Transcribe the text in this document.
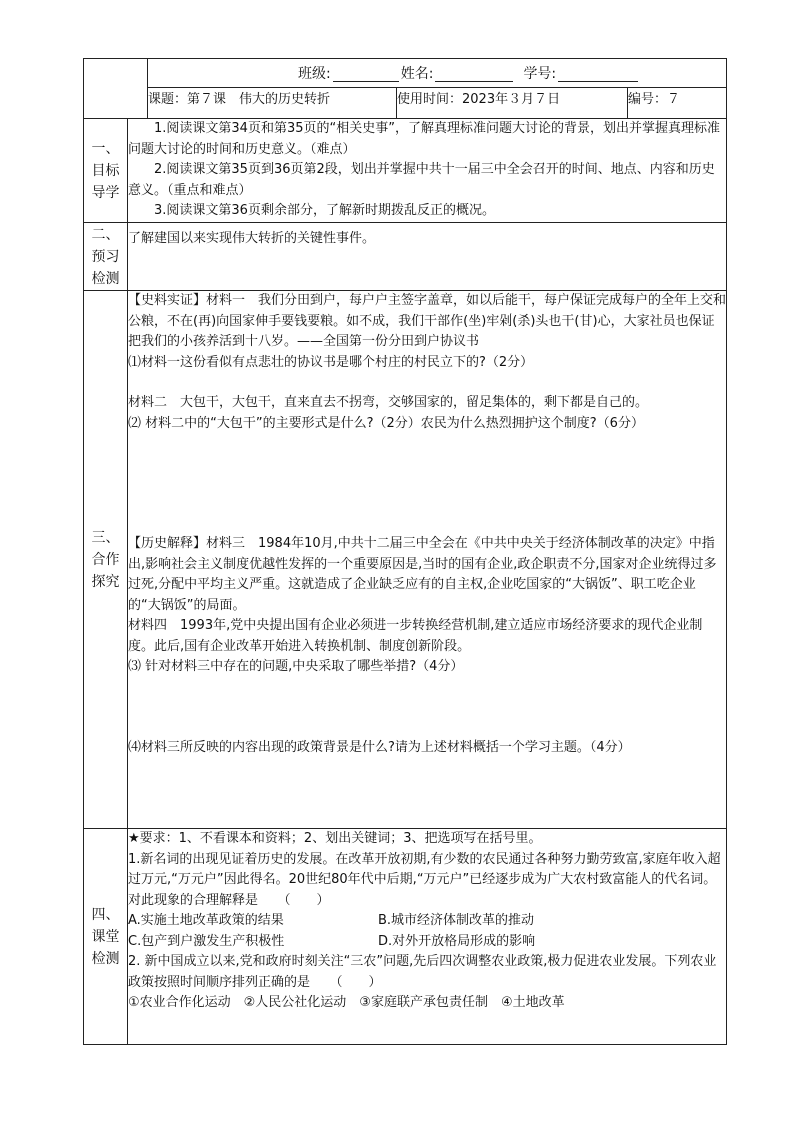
班级:	姓名:	学号:

课题：第７课　伟大的历史转折	使用时间：2023年３月７日	编号：７

一、
目标
导学

1.阅读课文第34页和第35页的“相关史事”，了解真理标准问题大讨论的背景，划出并掌握真理标准问题大讨论的时间和历史意义。（难点）

2.阅读课文第35页到36页第2段，划出并掌握中共十一届三中全会召开的时间、地点、内容和历史意义。（重点和难点）

3.阅读课文第36页剩余部分，了解新时期拨乱反正的概况。

二、
预习
检测

了解建国以来实现伟大转折的关键性事件。

三、
合作
探究

【史料实证】材料一　我们分田到户，每户户主签字盖章，如以后能干，每户保证完成每户的全年上交和公粮，不在(再)向国家伸手要钱要粮。如不成，我们干部作(坐)牢剁(杀)头也干(甘)心，大家社员也保证把我们的小孩养活到十八岁。——全国第一份分田到户协议书

⑴材料一这份看似有点悲壮的协议书是哪个村庄的村民立下的?（2分）

材料二　大包干，大包干，直来直去不拐弯，交够国家的，留足集体的，剩下都是自己的。

⑵ 材料二中的“大包干”的主要形式是什么?（2分）农民为什么热烈拥护这个制度?（6分）

【历史解释】材料三　1984年10月,中共十二届三中全会在《中共中央关于经济体制改革的决定》中指出,影响社会主义制度优越性发挥的一个重要原因是,当时的国有企业,政企职责不分,国家对企业统得过多过死,分配中平均主义严重。这就造成了企业缺乏应有的自主权,企业吃国家的“大锅饭”、职工吃企业的“大锅饭”的局面。

材料四　1993年,党中央提出国有企业必须进一步转换经营机制,建立适应市场经济要求的现代企业制度。此后,国有企业改革开始进入转换机制、制度创新阶段。

⑶ 针对材料三中存在的问题,中央采取了哪些举措?（4分）

⑷材料三所反映的内容出现的政策背景是什么?请为上述材料概括一个学习主题。（4分）

四、
课堂
检测

★要求：1、不看课本和资料；2、划出关键词；3、把选项写在括号里。

1.新名词的出现见证着历史的发展。在改革开放初期,有少数的农民通过各种努力勤劳致富,家庭年收入超过万元,“万元户”因此得名。20世纪80年代中后期,“万元户”已经逐步成为广大农村致富能人的代名词。对此现象的合理解释是　　（　　）

A.实施土地改革政策的结果	B.城市经济体制改革的推动
C.包产到户激发生产积极性	D.对外开放格局形成的影响

2. 新中国成立以来,党和政府时刻关注“三农”问题,先后四次调整农业政策,极力促进农业发展。下列农业政策按照时间顺序排列正确的是　　（　　）

①农业合作化运动　②人民公社化运动　③家庭联产承包责任制　④土地改革
